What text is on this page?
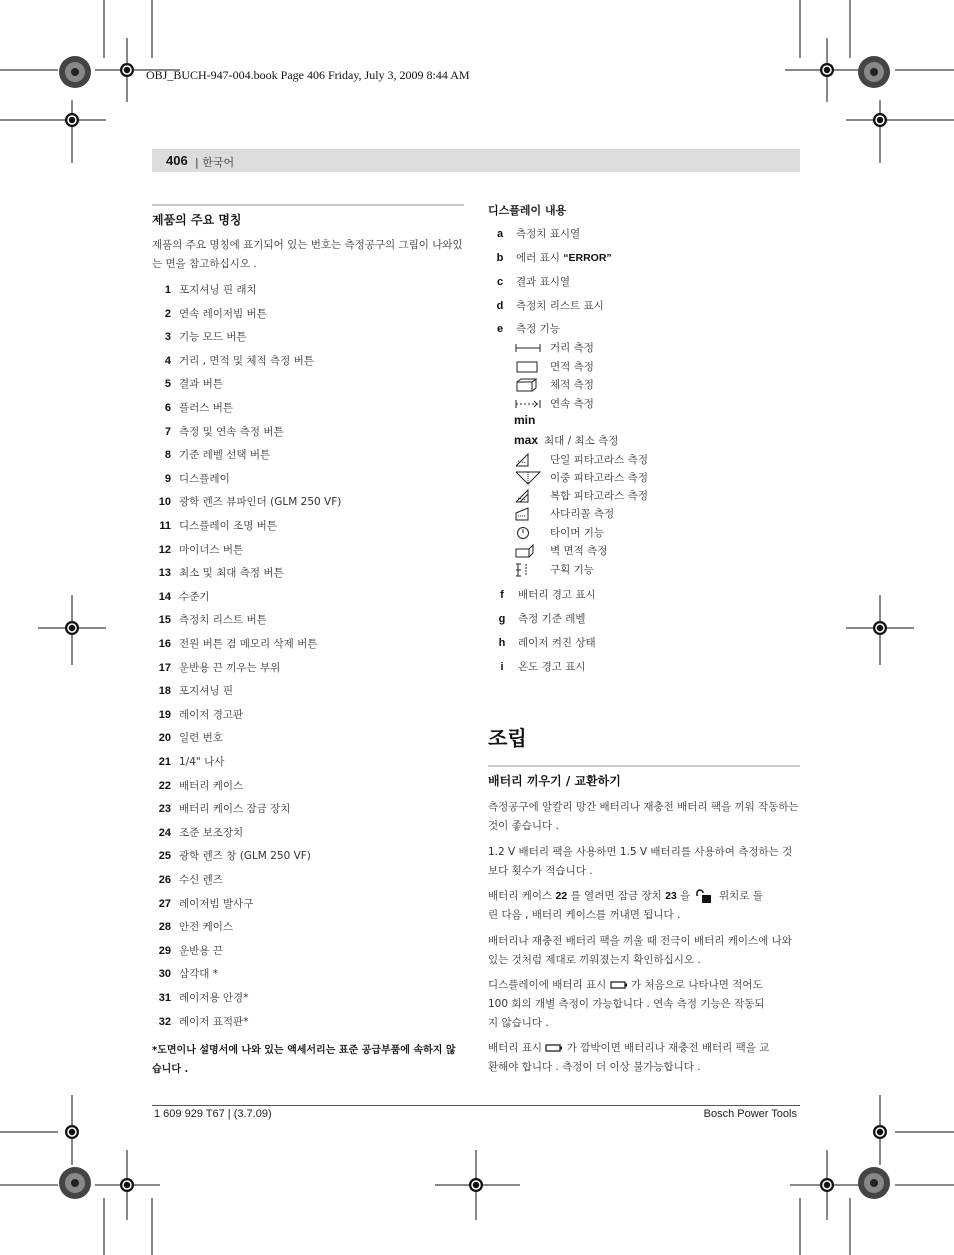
OBJ_BUCH-947-004.book Page 406 Friday, July 3, 2009 8:44 AM
406 | 한국어
제품의 주요 명칭
제품의 주요 명칭에 표기되어 있는 번호는 측정공구의 그림이 나와있는 면을 참고하십시오 .
1 포지셔닝 핀 래치
2 연속 레이저빔 버튼
3 기능 모드 버튼
4 거리 , 면적 및 체적 측정 버튼
5 결과 버튼
6 플러스 버튼
7 측정 및 연속 측정 버튼
8 기준 레벨 선택 버튼
9 디스플레이
10 광학 렌즈 뷰파인더 (GLM 250 VF)
11 디스플레이 조명 버튼
12 마이너스 버튼
13 최소 및 최대 측정 버튼
14 수준기
15 측정치 리스트 버튼
16 전원 버튼 겸 메모리 삭제 버튼
17 운반용 끈 끼우는 부위
18 포지셔닝 핀
19 레이저 경고판
20 일련 번호
21 1/4" 나사
22 배터리 케이스
23 배터리 케이스 잠금 장치
24 조준 보조장치
25 광학 렌즈 창 (GLM 250 VF)
26 수신 렌즈
27 레이저빔 발사구
28 안전 케이스
29 운반용 끈
30 삼각대 *
31 레이저용 안경*
32 레이저 표적판*
*도면이나 설명서에 나와 있는 액세서리는 표준 공급부품에 속하지 않습니다 .
디스플레이 내용
a 측정치 표시열
b 에러 표시 “ERROR”
c 결과 표시열
d 측정치 리스트 표시
e 측정 기능
거리 측정
면적 측정
체적 측정
연속 측정
min
max 최대 / 최소 측정
단일 피타고라스 측정
이중 피타고라스 측정
복합 피타고라스 측정
사다리꼴 측정
타이머 기능
벽 면적 측정
구획 기능
f 배터리 경고 표시
g 측정 기준 레벨
h 레이저 켜진 상태
i 온도 경고 표시
조립
배터리 끼우기 / 교환하기
측정공구에 알칼리 망간 배터리나 재충전 배터리 팩을 끼워 작동하는 것이 좋습니다 .
1.2 V 배터리 팩을 사용하면 1.5 V 배터리를 사용하여 측정하는 것보다 횟수가 적습니다 .
배터리 케이스 22 를 열려면 잠금 장치 23 을	위치로 돌
린 다음 , 배터리 케이스를 꺼내면 됩니다 .
배터리나 재충전 배터리 팩을 끼울 때 전극이 배터리 케이스에 나와있는 것처럼 제대로 끼워졌는지 확인하십시오 .
디스플레이에 배터리 표시 가 처음으로 나타나면 적어도
100 회의 개별 측정이 가능합니다 . 연속 측정 기능은 작동되
지 않습니다 .
배터리 표시 가 깜박이면 배터리나 재충전 배터리 팩을 교
환해야 합니다 . 측정이 더 이상 불가능합니다 .
1 609 929 T67 | (3.7.09)	Bosch Power Tools
